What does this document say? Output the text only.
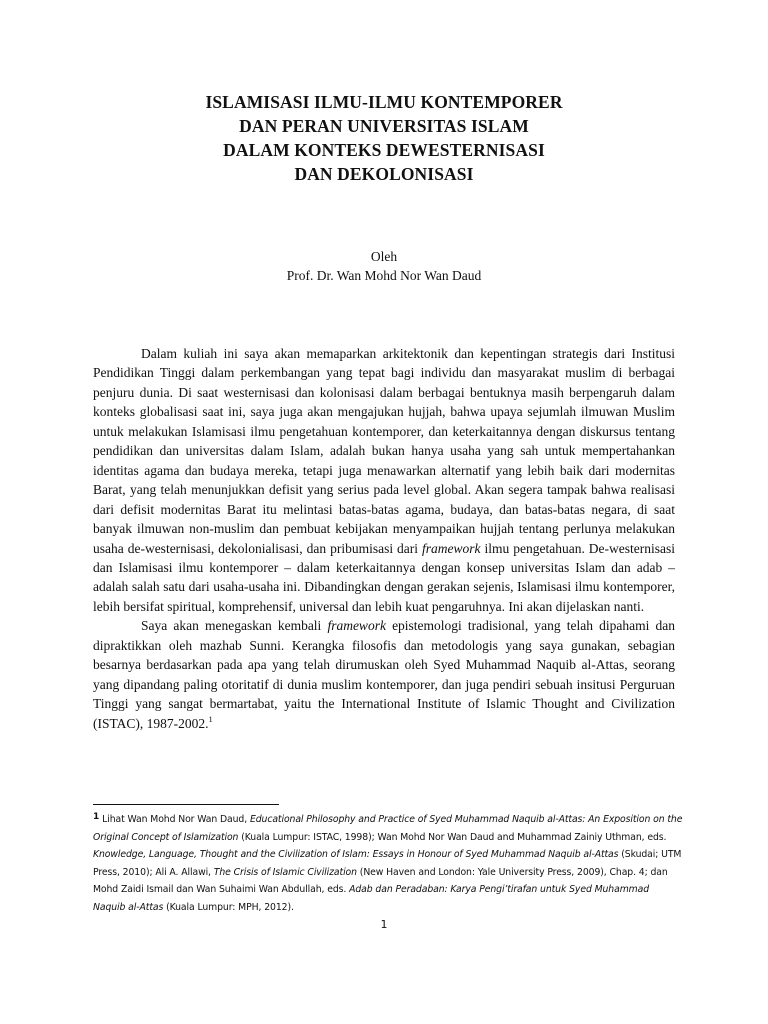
ISLAMISASI ILMU-ILMU KONTEMPORER
DAN PERAN UNIVERSITAS ISLAM
DALAM KONTEKS DEWESTERNISASI
DAN DEKOLONISASI
Oleh
Prof. Dr. Wan Mohd Nor Wan Daud

Dalam kuliah ini saya akan memaparkan arkitektonik dan kepentingan strategis dari Institusi Pendidikan Tinggi dalam perkembangan yang tepat bagi individu dan masyarakat muslim di berbagai penjuru dunia. Di saat westernisasi dan kolonisasi dalam berbagai bentuknya masih berpengaruh dalam konteks globalisasi saat ini, saya juga akan mengajukan hujjah, bahwa upaya sejumlah ilmuwan Muslim untuk melakukan Islamisasi ilmu pengetahuan kontemporer, dan keterkaitannya dengan diskursus tentang pendidikan dan universitas dalam Islam, adalah bukan hanya usaha yang sah untuk mempertahankan identitas agama dan budaya mereka, tetapi juga menawarkan alternatif yang lebih baik dari modernitas Barat, yang telah menunjukkan defisit yang serius pada level global. Akan segera tampak bahwa realisasi dari defisit modernitas Barat itu melintasi batas-batas agama, budaya, dan batas-batas negara, di saat banyak ilmuwan non-muslim dan pembuat kebijakan menyampaikan hujjah tentang perlunya melakukan usaha de-westernisasi, dekolonialisasi, dan pribumisasi dari framework ilmu pengetahuan. De-westernisasi dan Islamisasi ilmu kontemporer – dalam keterkaitannya dengan konsep universitas Islam dan adab – adalah salah satu dari usaha-usaha ini. Dibandingkan dengan gerakan sejenis, Islamisasi ilmu kontemporer, lebih bersifat spiritual, komprehensif, universal dan lebih kuat pengaruhnya. Ini akan dijelaskan nanti.

Saya akan menegaskan kembali framework epistemologi tradisional, yang telah dipahami dan dipraktikkan oleh mazhab Sunni. Kerangka filosofis dan metodologis yang saya gunakan, sebagian besarnya berdasarkan pada apa yang telah dirumuskan oleh Syed Muhammad Naquib al-Attas, seorang yang dipandang paling otoritatif di dunia muslim kontemporer, dan juga pendiri sebuah insitusi Perguruan Tinggi yang sangat bermartabat, yaitu the International Institute of Islamic Thought and Civilization (ISTAC), 1987-2002.$^1$

1 Lihat Wan Mohd Nor Wan Daud, Educational Philosophy and Practice of Syed Muhammad Naquib al-Attas: An Exposition on the Original Concept of Islamization (Kuala Lumpur: ISTAC, 1998); Wan Mohd Nor Wan Daud and Muhammad Zainiy Uthman, eds. Knowledge, Language, Thought and the Civilization of Islam: Essays in Honour of Syed Muhammad Naquib al-Attas (Skudai; UTM Press, 2010); Ali A. Allawi, The Crisis of Islamic Civilization (New Haven and London: Yale University Press, 2009), Chap. 4; dan Mohd Zaidi Ismail dan Wan Suhaimi Wan Abdullah, eds. Adab dan Peradaban: Karya Pengi’tirafan untuk Syed Muhammad Naquib al-Attas (Kuala Lumpur: MPH, 2012).
1
